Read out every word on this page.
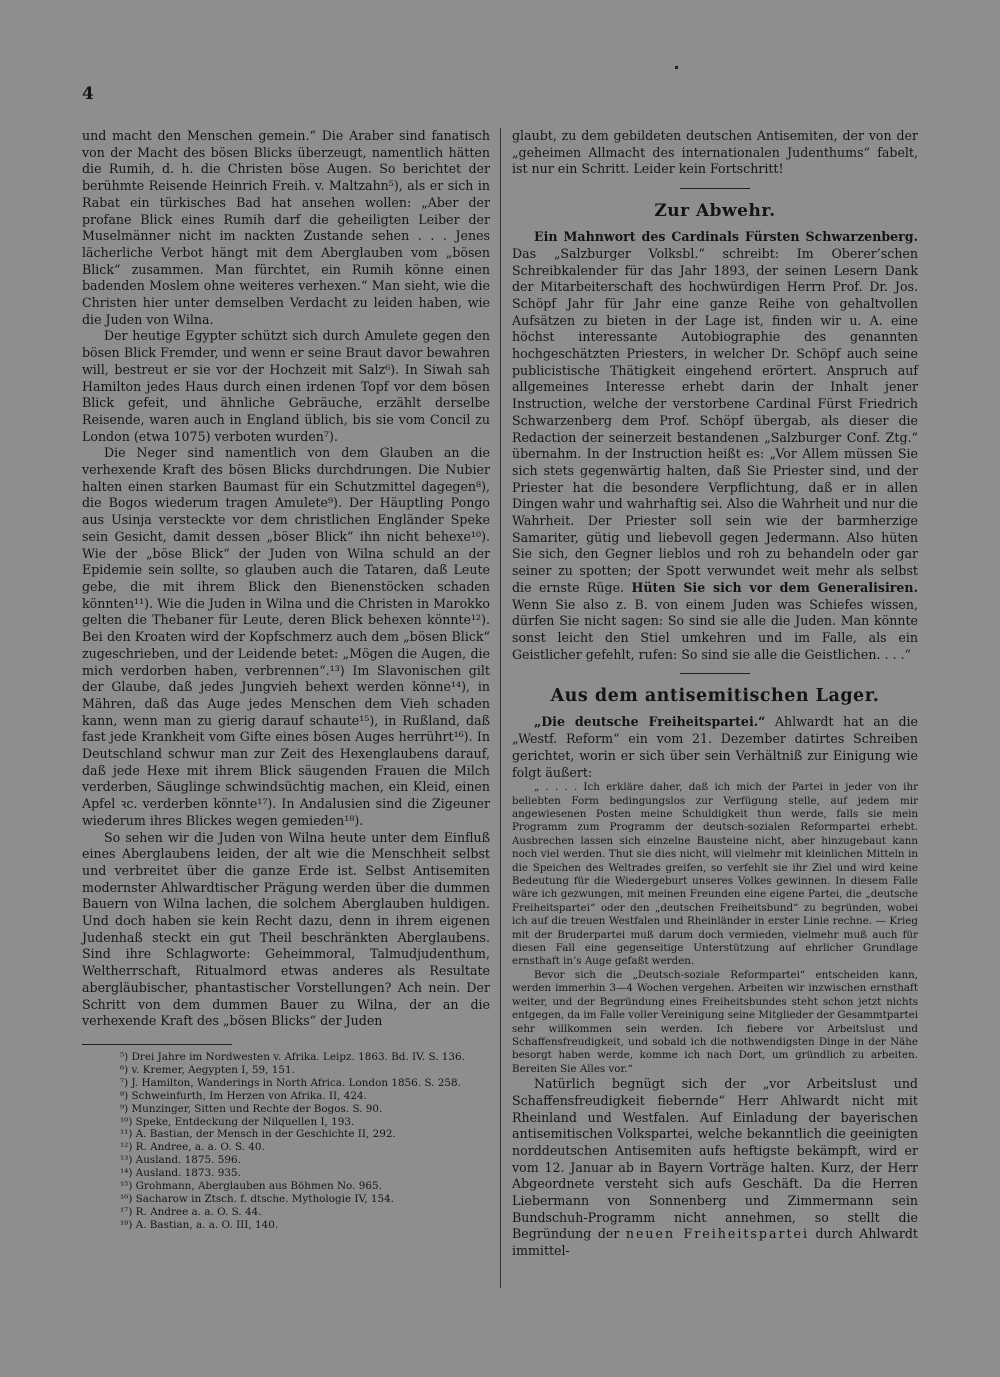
4

und macht den Menschen gemein.“ Die Araber sind fanatisch von der Macht des bösen Blicks überzeugt, namentlich hätten die Rumih, d. h. die Christen böse Augen. So berichtet der berühmte Reisende Heinrich Freih. v. Maltzahn⁵), als er sich in Rabat ein türkisches Bad hat ansehen wollen: „Aber der profane Blick eines Rumih darf die geheiligten Leiber der Muselmänner nicht im nackten Zustande sehen . . . Jenes lächerliche Verbot hängt mit dem Aberglauben vom „bösen Blick“ zusammen. Man fürchtet, ein Rumih könne einen badenden Moslem ohne weiteres verhexen.“ Man sieht, wie die Christen hier unter demselben Verdacht zu leiden haben, wie die Juden von Wilna.

Der heutige Egypter schützt sich durch Amulete gegen den bösen Blick Fremder, und wenn er seine Braut davor bewahren will, bestreut er sie vor der Hochzeit mit Salz⁶). In Siwah sah Hamilton jedes Haus durch einen irdenen Topf vor dem bösen Blick gefeit, und ähnliche Gebräuche, erzählt derselbe Reisende, waren auch in England üblich, bis sie vom Concil zu London (etwa 1075) verboten wurden⁷).

Die Neger sind namentlich von dem Glauben an die verhexende Kraft des bösen Blicks durchdrungen. Die Nubier halten einen starken Baumast für ein Schutzmittel dagegen⁸), die Bogos wiederum tragen Amulete⁹). Der Häuptling Pongo aus Usinja versteckte vor dem christlichen Engländer Speke sein Gesicht, damit dessen „böser Blick“ ihn nicht behexe¹⁰). Wie der „böse Blick“ der Juden von Wilna schuld an der Epidemie sein sollte, so glauben auch die Tataren, daß Leute gebe, die mit ihrem Blick den Bienenstöcken schaden könnten¹¹). Wie die Juden in Wilna und die Christen in Marokko gelten die Thebaner für Leute, deren Blick behexen könnte¹²). Bei den Kroaten wird der Kopfschmerz auch dem „bösen Blick“ zugeschrieben, und der Leidende betet: „Mögen die Augen, die mich verdorben haben, verbrennen“.¹³) Im Slavonischen gilt der Glaube, daß jedes Jungvieh behext werden könne¹⁴), in Mähren, daß das Auge jedes Menschen dem Vieh schaden kann, wenn man zu gierig darauf schaute¹⁵), in Rußland, daß fast jede Krankheit vom Gifte eines bösen Auges herrührt¹⁶). In Deutschland schwur man zur Zeit des Hexenglaubens darauf, daß jede Hexe mit ihrem Blick säugenden Frauen die Milch verderben, Säuglinge schwindsüchtig machen, ein Kleid, einen Apfel ꝛc. verderben könnte¹⁷). In Andalusien sind die Zigeuner wiederum ihres Blickes wegen gemieden¹⁸).

So sehen wir die Juden von Wilna heute unter dem Einfluß eines Aberglaubens leiden, der alt wie die Menschheit selbst und verbreitet über die ganze Erde ist. Selbst Antisemiten modernster Ahlwardtischer Prägung werden über die dummen Bauern von Wilna lachen, die solchem Aberglauben huldigen. Und doch haben sie kein Recht dazu, denn in ihrem eigenen Judenhaß steckt ein gut Theil beschränkten Aberglaubens. Sind ihre Schlagworte: Geheimmoral, Talmudjudenthum, Weltherrschaft, Ritualmord etwas anderes als Resultate abergläubischer, phantastischer Vorstellungen? Ach nein. Der Schritt von dem dummen Bauer zu Wilna, der an die verhexende Kraft des „bösen Blicks“ der Juden

⁵) Drei Jahre im Nordwesten v. Afrika. Leipz. 1863. Bd. IV. S. 136.

⁶) v. Kremer, Aegypten I, 59, 151.

⁷) J. Hamilton, Wanderings in North Africa. London 1856. S. 258.

⁸) Schweinfurth, Im Herzen von Afrika. II, 424.

⁹) Munzinger, Sitten und Rechte der Bogos. S. 90.

¹⁰) Speke, Entdeckung der Nilquellen I, 193.

¹¹) A. Bastian, der Mensch in der Geschichte II, 292.

¹²) R. Andree, a. a. O. S. 40.

¹³) Ausland. 1875. 596.

¹⁴) Ausland. 1873. 935.

¹⁵) Grohmann, Aberglauben aus Böhmen No. 965.

¹⁶) Sacharow in Ztsch. f. dtsche. Mythologie IV, 154.

¹⁷) R. Andree a. a. O. S. 44.

¹⁸) A. Bastian, a. a. O. III, 140.

glaubt, zu dem gebildeten deutschen Antisemiten, der von der „geheimen Allmacht des internationalen Judenthums“ fabelt, ist nur ein Schritt. Leider kein Fortschritt!

Zur Abwehr.

Ein Mahnwort des Cardinals Fürsten Schwarzenberg. Das „Salzburger Volksbl.“ schreibt: Im Oberer’schen Schreibkalender für das Jahr 1893, der seinen Lesern Dank der Mitarbeiterschaft des hochwürdigen Herrn Prof. Dr. Jos. Schöpf Jahr für Jahr eine ganze Reihe von gehaltvollen Aufsätzen zu bieten in der Lage ist, finden wir u. A. eine höchst interessante Autobiographie des genannten hochgeschätzten Priesters, in welcher Dr. Schöpf auch seine publicistische Thätigkeit eingehend erörtert. Anspruch auf allgemeines Interesse erhebt darin der Inhalt jener Instruction, welche der verstorbene Cardinal Fürst Friedrich Schwarzenberg dem Prof. Schöpf übergab, als dieser die Redaction der seinerzeit bestandenen „Salzburger Conf. Ztg.“ übernahm. In der Instruction heißt es: „Vor Allem müssen Sie sich stets gegenwärtig halten, daß Sie Priester sind, und der Priester hat die besondere Verpflichtung, daß er in allen Dingen wahr und wahrhaftig sei. Also die Wahrheit und nur die Wahrheit. Der Priester soll sein wie der barmherzige Samariter, gütig und liebevoll gegen Jedermann. Also hüten Sie sich, den Gegner lieblos und roh zu behandeln oder gar seiner zu spotten; der Spott verwundet weit mehr als selbst die ernste Rüge. Hüten Sie sich vor dem Generalisiren. Wenn Sie also z. B. von einem Juden was Schiefes wissen, dürfen Sie nicht sagen: So sind sie alle die Juden. Man könnte sonst leicht den Stiel umkehren und im Falle, als ein Geistlicher gefehlt, rufen: So sind sie alle die Geistlichen. . . .“

Aus dem antisemitischen Lager.

„Die deutsche Freiheitspartei.“ Ahlwardt hat an die „Westf. Reform“ ein vom 21. Dezember datirtes Schreiben gerichtet, worin er sich über sein Verhältniß zur Einigung wie folgt äußert:

„ . . . . Ich erkläre daher, daß ich mich der Partei in jeder von ihr beliebten Form bedingungslos zur Verfügung stelle, auf jedem mir angewiesenen Posten meine Schuldigkeit thun werde, falls sie mein Programm zum Programm der deutsch-sozialen Reformpartei erhebt. Ausbrechen lassen sich einzelne Bausteine nicht, aber hinzugebaut kann noch viel werden. Thut sie dies nicht, will vielmehr mit kleinlichen Mitteln in die Speichen des Weltrades greifen, so verfehlt sie ihr Ziel und wird keine Bedeutung für die Wiedergeburt unseres Volkes gewinnen. In diesem Falle wäre ich gezwungen, mit meinen Freunden eine eigene Partei, die „deutsche Freiheitspartei“ oder den „deutschen Freiheitsbund“ zu begründen, wobei ich auf die treuen Westfalen und Rheinländer in erster Linie rechne. — Krieg mit der Bruderpartei muß darum doch vermieden, vielmehr muß auch für diesen Fall eine gegenseitige Unterstützung auf ehrlicher Grundlage ernsthaft in’s Auge gefaßt werden.

Bevor sich die „Deutsch-soziale Reformpartei“ entscheiden kann, werden immerhin 3—4 Wochen vergehen. Arbeiten wir inzwischen ernsthaft weiter, und der Begründung eines Freiheitsbundes steht schon jetzt nichts entgegen, da im Falle voller Vereinigung seine Mitglieder der Gesammtpartei sehr willkommen sein werden. Ich fiebere vor Arbeitslust und Schaffensfreudigkeit, und sobald ich die nothwendigsten Dinge in der Nähe besorgt haben werde, komme ich nach Dort, um gründlich zu arbeiten. Bereiten Sie Alles vor.“

Natürlich begnügt sich der „vor Arbeitslust und Schaffensfreudigkeit fiebernde“ Herr Ahlwardt nicht mit Rheinland und Westfalen. Auf Einladung der bayerischen antisemitischen Volkspartei, welche bekanntlich die geeinigten norddeutschen Antisemiten aufs heftigste bekämpft, wird er vom 12. Januar ab in Bayern Vorträge halten. Kurz, der Herr Abgeordnete versteht sich aufs Geschäft. Da die Herren Liebermann von Sonnenberg und Zimmermann sein Bundschuh-Programm nicht annehmen, so stellt die Begründung der neuen Freiheitspartei durch Ahlwardt immittel-
